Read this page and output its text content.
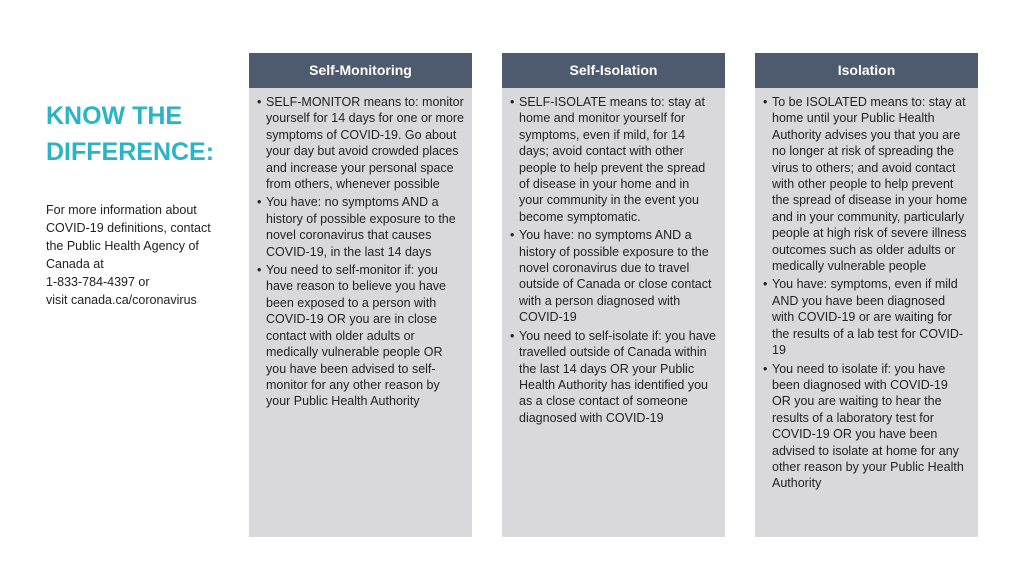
KNOW THE
DIFFERENCE:
For more information about
COVID-19 definitions, contact
the Public Health Agency of
Canada at
1-833-784-4397 or
visit canada.ca/coronavirus
Self-Monitoring
• SELF-MONITOR means to: monitor yourself for 14 days for one or more symptoms of COVID-19. Go about your day but avoid crowded places and increase your personal space from others, whenever possible
• You have: no symptoms AND a history of possible exposure to the novel coronavirus that causes COVID-19, in the last 14 days
• You need to self-monitor if: you have reason to believe you have been exposed to a person with COVID-19 OR you are in close contact with older adults or medically vulnerable people OR you have been advised to self-monitor for any other reason by your Public Health Authority
Self-Isolation
• SELF-ISOLATE means to: stay at home and monitor yourself for symptoms, even if mild, for 14 days; avoid contact with other people to help prevent the spread of disease in your home and in your community in the event you become symptomatic.
• You have: no symptoms AND a history of possible exposure to the novel coronavirus due to travel outside of Canada or close contact with a person diagnosed with COVID-19
• You need to self-isolate if: you have travelled outside of Canada within the last 14 days OR your Public Health Authority has identified you as a close contact of someone diagnosed with COVID-19
Isolation
• To be ISOLATED means to: stay at home until your Public Health Authority advises you that you are no longer at risk of spreading the virus to others; and avoid contact with other people to help prevent the spread of disease in your home and in your community, particularly people at high risk of severe illness outcomes such as older adults or medically vulnerable people
• You have: symptoms, even if mild AND you have been diagnosed with COVID-19 or are waiting for the results of a lab test for COVID-19
• You need to isolate if: you have been diagnosed with COVID-19 OR you are waiting to hear the results of a laboratory test for COVID-19 OR you have been advised to isolate at home for any other reason by your Public Health Authority
